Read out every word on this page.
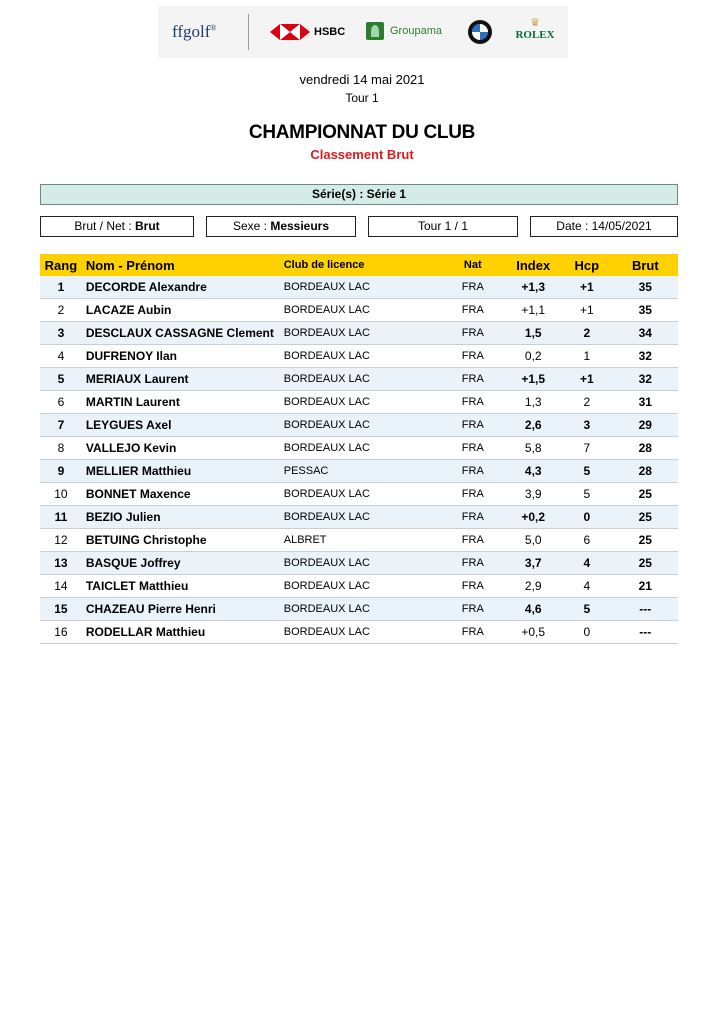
ffgolf®	HSBC	Groupama
♛
ROLEX
vendredi 14 mai 2021
Tour 1
CHAMPIONNAT DU CLUB
Classement Brut
Série(s) : Série 1
Brut / Net : Brut	Sexe : Messieurs	Tour 1 / 1	Date : 14/05/2021
Rang	Nom - Prénom	Club de licence	Nat	Index	Hcp	Brut
1	DECORDE Alexandre	BORDEAUX LAC	FRA	+1,3	+1	35
2	LACAZE Aubin	BORDEAUX LAC	FRA	+1,1	+1	35
3	DESCLAUX CASSAGNE Clement	BORDEAUX LAC	FRA	1,5	2	34
4	DUFRENOY Ilan	BORDEAUX LAC	FRA	0,2	1	32
5	MERIAUX Laurent	BORDEAUX LAC	FRA	+1,5	+1	32
6	MARTIN Laurent	BORDEAUX LAC	FRA	1,3	2	31
7	LEYGUES Axel	BORDEAUX LAC	FRA	2,6	3	29
8	VALLEJO Kevin	BORDEAUX LAC	FRA	5,8	7	28
9	MELLIER Matthieu	PESSAC	FRA	4,3	5	28
10	BONNET Maxence	BORDEAUX LAC	FRA	3,9	5	25
11	BEZIO Julien	BORDEAUX LAC	FRA	+0,2	0	25
12	BETUING Christophe	ALBRET	FRA	5,0	6	25
13	BASQUE Joffrey	BORDEAUX LAC	FRA	3,7	4	25
14	TAICLET Matthieu	BORDEAUX LAC	FRA	2,9	4	21
15	CHAZEAU Pierre Henri	BORDEAUX LAC	FRA	4,6	5	---
16	RODELLAR Matthieu	BORDEAUX LAC	FRA	+0,5	0	---
